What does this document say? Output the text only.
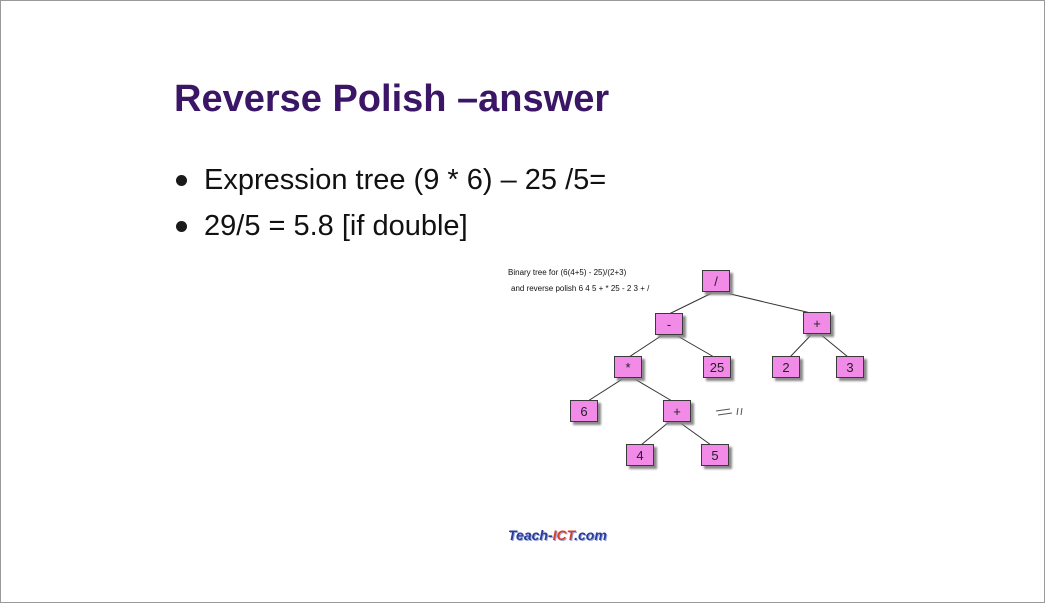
Reverse Polish –answer
Expression tree (9 * 6) – 25 /5=
29/5 = 5.8 [if double]
Binary tree for (6(4+5) - 25)/(2+3)
and reverse polish 6 4 5 + * 25 - 2 3 + /	/
-	+
*	25	2	3
6	+
4	5
Teach-ICT.com
